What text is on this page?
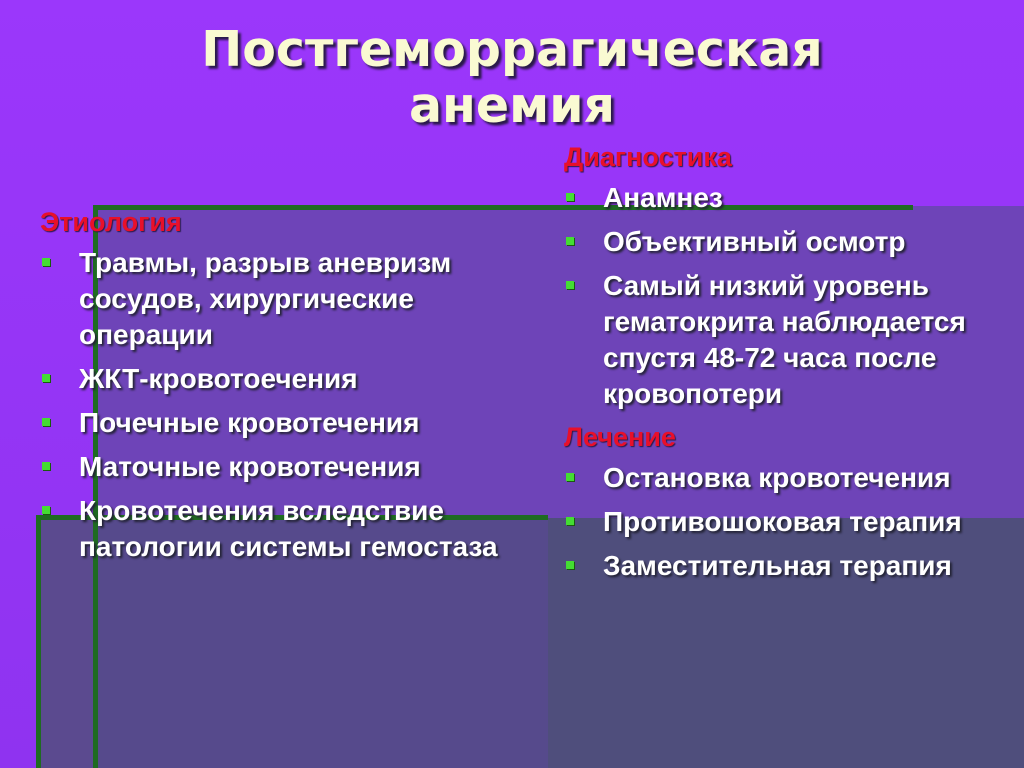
Постгеморрагическая
анемия
Этиология
Травмы, разрыв аневризм сосудов, хирургические операции
ЖКТ-кровотоечения
Почечные кровотечения
Маточные кровотечения
Кровотечения вследствие патологии системы гемостаза
Диагностика
Анамнез
Объективный осмотр
Самый низкий уровень гематокрита наблюдается спустя 48-72 часа после кровопотери
Лечение
Остановка кровотечения
Противошоковая терапия
Заместительная терапия
